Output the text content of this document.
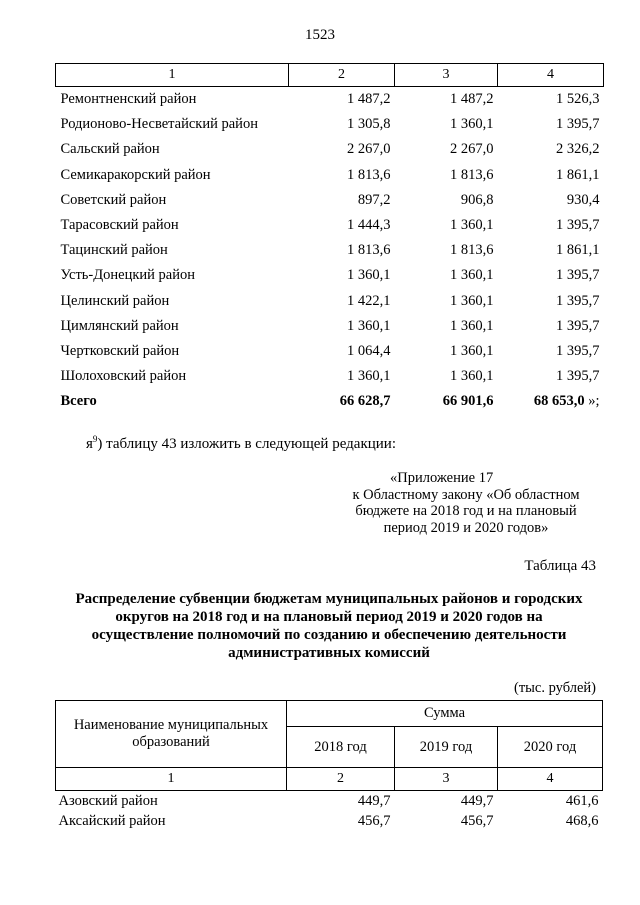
1523
1	2	3	4
Ремонтненский район	1 487,2	1 487,2	1 526,3
Родионово-Несветайский район	1 305,8	1 360,1	1 395,7
Сальский район	2 267,0	2 267,0	2 326,2
Семикаракорский район	1 813,6	1 813,6	1 861,1
Советский район	897,2	906,8	930,4
Тарасовский район	1 444,3	1 360,1	1 395,7
Тацинский район	1 813,6	1 813,6	1 861,1
Усть-Донецкий район	1 360,1	1 360,1	1 395,7
Целинский район	1 422,1	1 360,1	1 395,7
Цимлянский район	1 360,1	1 360,1	1 395,7
Чертковский район	1 064,4	1 360,1	1 395,7
Шолоховский район	1 360,1	1 360,1	1 395,7
Всего	66 628,7	66 901,6	68 653,0 »;
$я^9$) таблицу 43 изложить в следующей редакции:
«Приложение 17
к Областному закону «Об областном
бюджете на 2018 год и на плановый
период 2019 и 2020 годов»
Таблица 43
Распределение субвенции бюджетам муниципальных районов и городских
округов на 2018 год и на плановый период 2019 и 2020 годов на
осуществление полномочий по созданию и обеспечению деятельности
административных комиссий
(тыс. рублей)
Наименование муниципальных
образований	Сумма		
	2018 год	2019 год	2020 год
1	2	3	4
Азовский район	449,7	449,7	461,6
Аксайский район	456,7	456,7	468,6
